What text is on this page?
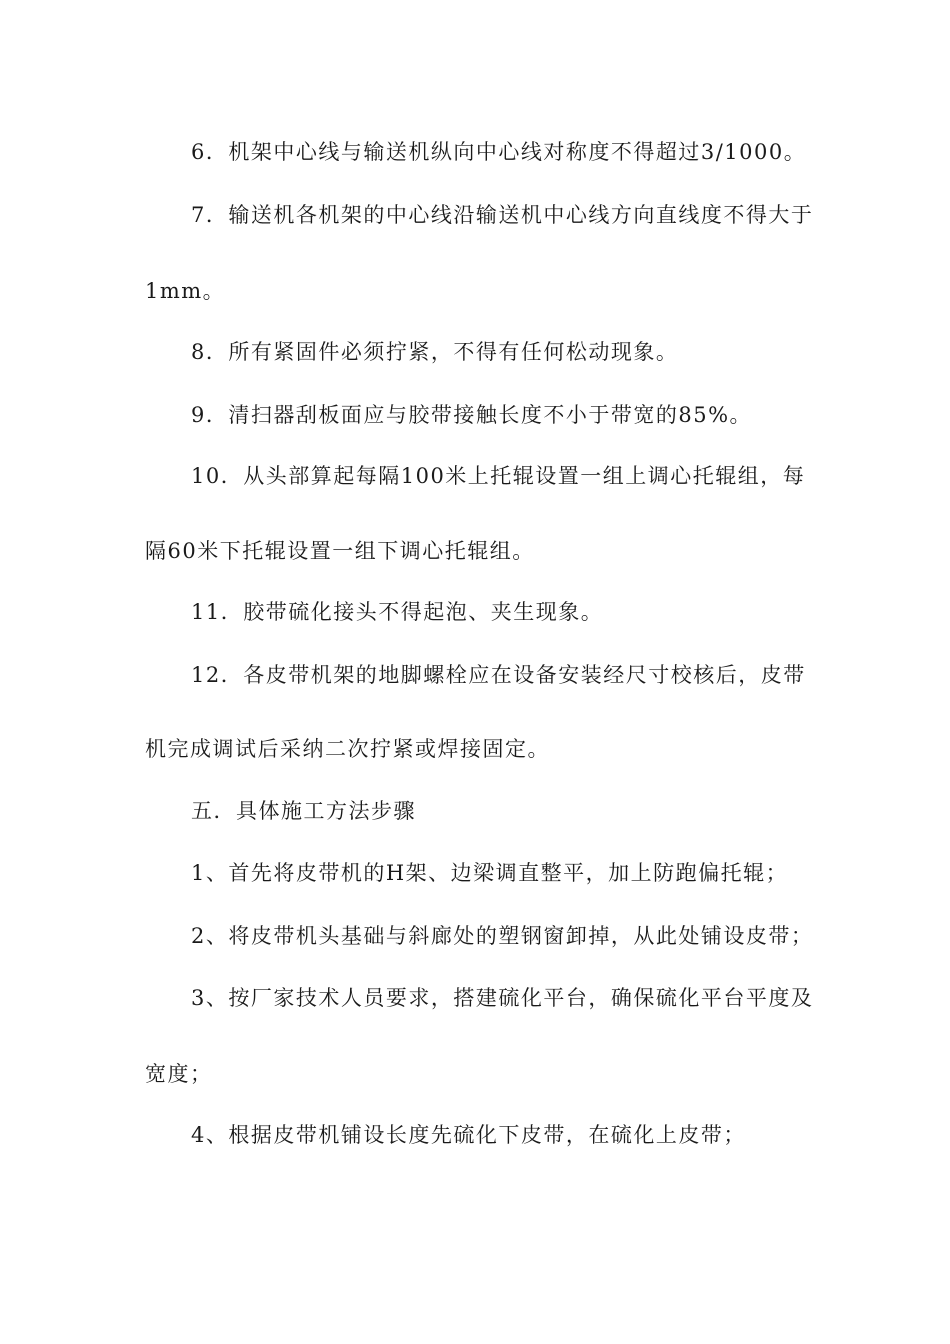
6．机架中心线与输送机纵向中心线对称度不得超过3/1000。
7．输送机各机架的中心线沿输送机中心线方向直线度不得大于
1mm。
8．所有紧固件必须拧紧，不得有任何松动现象。
9．清扫器刮板面应与胶带接触长度不小于带宽的85%。
10．从头部算起每隔100米上托辊设置一组上调心托辊组，每
隔60米下托辊设置一组下调心托辊组。
11．胶带硫化接头不得起泡、夹生现象。
12．各皮带机架的地脚螺栓应在设备安装经尺寸校核后，皮带
机完成调试后采纳二次拧紧或焊接固定。
五．具体施工方法步骤
1、首先将皮带机的H架、边梁调直整平，加上防跑偏托辊；
2、将皮带机头基础与斜廊处的塑钢窗卸掉，从此处铺设皮带；
3、按厂家技术人员要求，搭建硫化平台，确保硫化平台平度及
宽度；
4、根据皮带机铺设长度先硫化下皮带，在硫化上皮带；
